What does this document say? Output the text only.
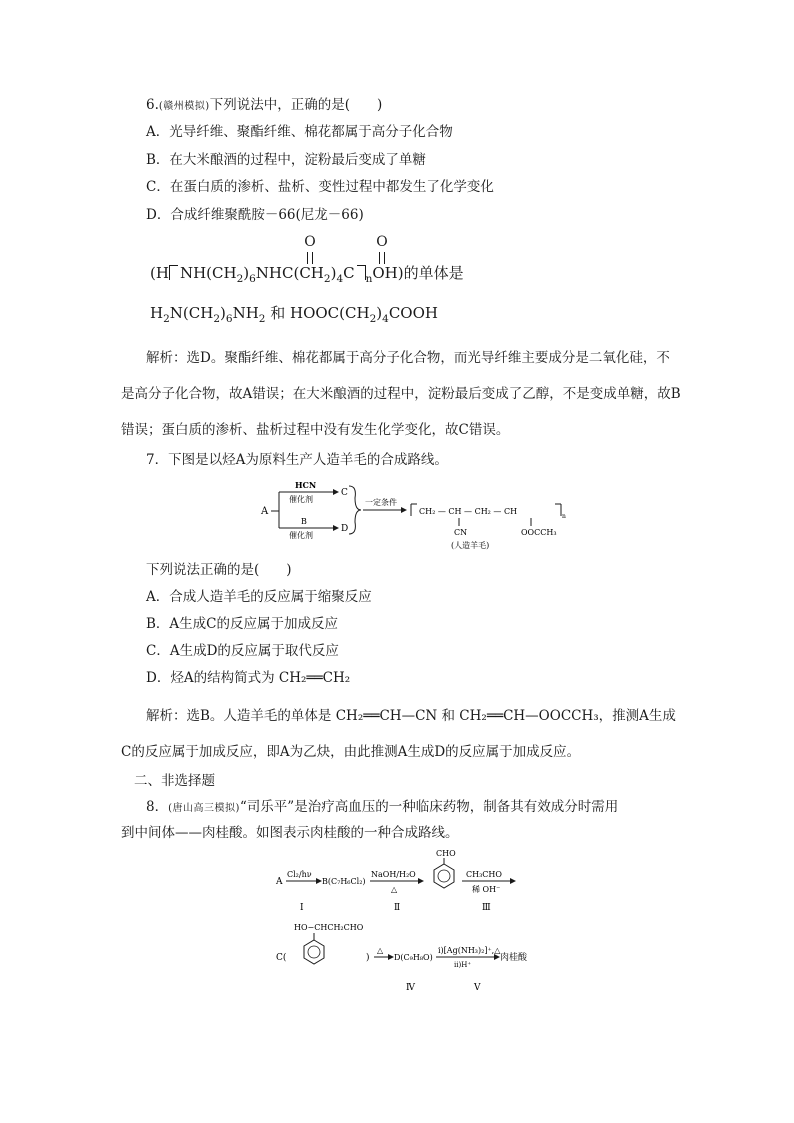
6.(赣州模拟)下列说法中，正确的是(　　)
A．光导纤维、聚酯纤维、棉花都属于高分子化合物
B．在大米酿酒的过程中，淀粉最后变成了单糖
C．在蛋白质的渗析、盐析、变性过程中都发生了化学变化
D．合成纤维聚酰胺－66(尼龙－66)
(H $NH(CH_2)_6NHC(CH_2)_4C$ $_n$OH)的单体是
O	O
$H_2N(CH_2)_6NH_2$ 和 $HOOC(CH_2)_4COOH$
解析：选D。聚酯纤维、棉花都属于高分子化合物，而光导纤维主要成分是二氧化硅，不是高分子化合物，故A错误；在大米酿酒的过程中，淀粉最后变成了乙醇，不是变成单糖，故B错误；蛋白质的渗析、盐析过程中没有发生化学变化，故C错误。
7．下图是以烃A为原料生产人造羊毛的合成路线。
A
HCN
催化剂
C
B
催化剂
D
一定条件
CH₂ — CH — CH₂ — CH
n
CN	OOCCH₃
(人造羊毛)
下列说法正确的是(　　)
A．合成人造羊毛的反应属于缩聚反应
B．A生成C的反应属于加成反应
C．A生成D的反应属于取代反应
D．烃A的结构简式为 CH₂══CH₂
解析：选B。人造羊毛的单体是 CH₂══CH—CN 和 CH₂══CH—OOCCH₃，推测A生成C的反应属于加成反应，即A为乙炔，由此推测A生成D的反应属于加成反应。
二、非选择题
8．(唐山高三模拟)“司乐平”是治疗高血压的一种临床药物，制备其有效成分时需用
到中间体——肉桂酸。如图表示肉桂酸的一种合成路线。
A
Cl₂/hν
B(C₇H₆Cl₂)
NaOH/H₂O
△
CHO
CH₃CHO
稀 OH⁻
Ⅰ	Ⅱ	Ⅲ
C(
HO−CHCH₂CHO
)
△
D(C₉H₈O)
i)[Ag(NH₃)₂]⁺,△
ii)H⁺
肉桂酸
Ⅳ	Ⅴ
